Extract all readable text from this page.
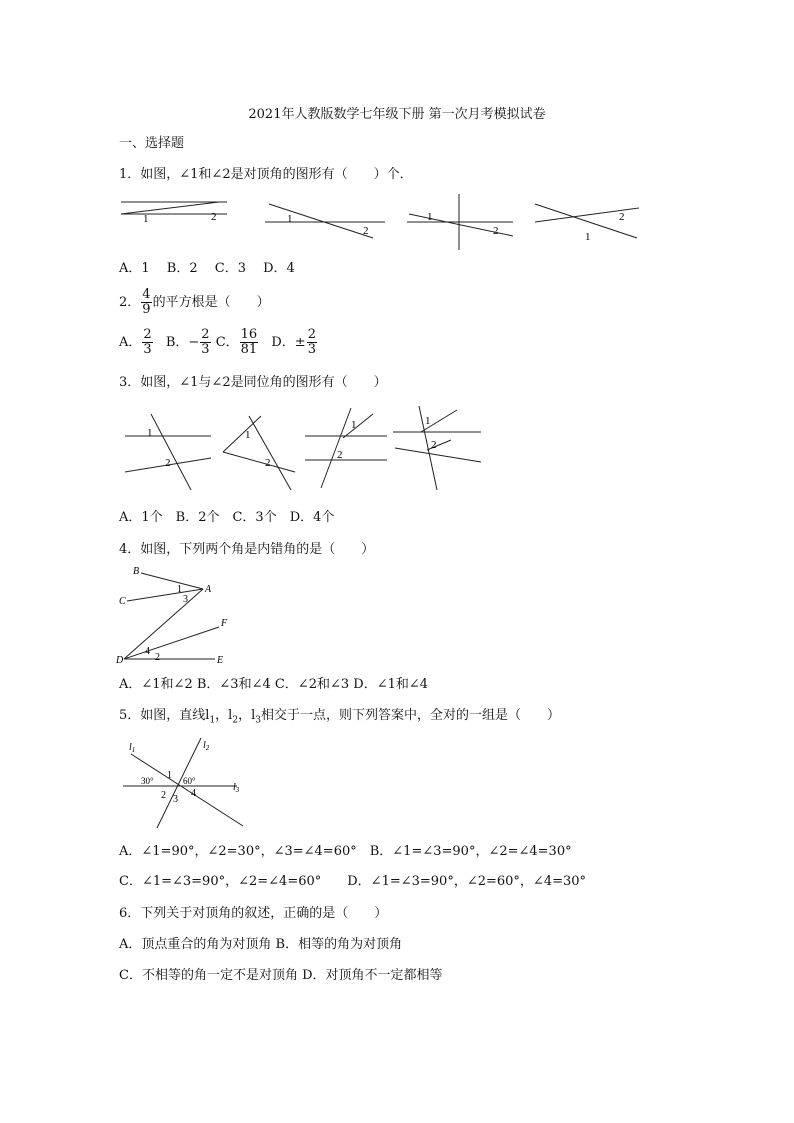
2021年人教版数学七年级下册 第一次月考模拟试卷
一、选择题
1．如图，∠1和∠2是对顶角的图形有（　　）个．
1	2	1
2
1
2
2
1
A．1　 B．2　 C．3　 D．4
2． $\frac{4}{9}$ 的平方根是（　　）
A． $\frac{2}{3}$ B．− $\frac{2}{3}$ C． $\frac{16}{81}$ D．± $\frac{2}{3}$
3．如图，∠1与∠2是同位角的图形有（　　）
1
2
1
2
1
2
1
2
A．1个　B．2个　C．3个　D．4个
4．如图，下列两个角是内错角的是（　　）
B
A
C
F
D	E
1
3
4
2
A．∠1和∠2 B．∠3和∠4 C．∠2和∠3 D．∠1和∠4
5．如图，直线$l_1$，$l_2$，$l_3$相交于一点，则下列答案中，全对的一组是（　　）
$l_1$	$l_2$
$l_3$
30°	60°
1
2 3
4
A．∠1=90°，∠2=30°，∠3=∠4=60°　B．∠1=∠3=90°，∠2=∠4=30°
C．∠1=∠3=90°，∠2=∠4=60°　　D．∠1=∠3=90°，∠2=60°，∠4=30°
6．下列关于对顶角的叙述，正确的是（　　）
A．顶点重合的角为对顶角 B．相等的角为对顶角
C．不相等的角一定不是对顶角 D．对顶角不一定都相等
